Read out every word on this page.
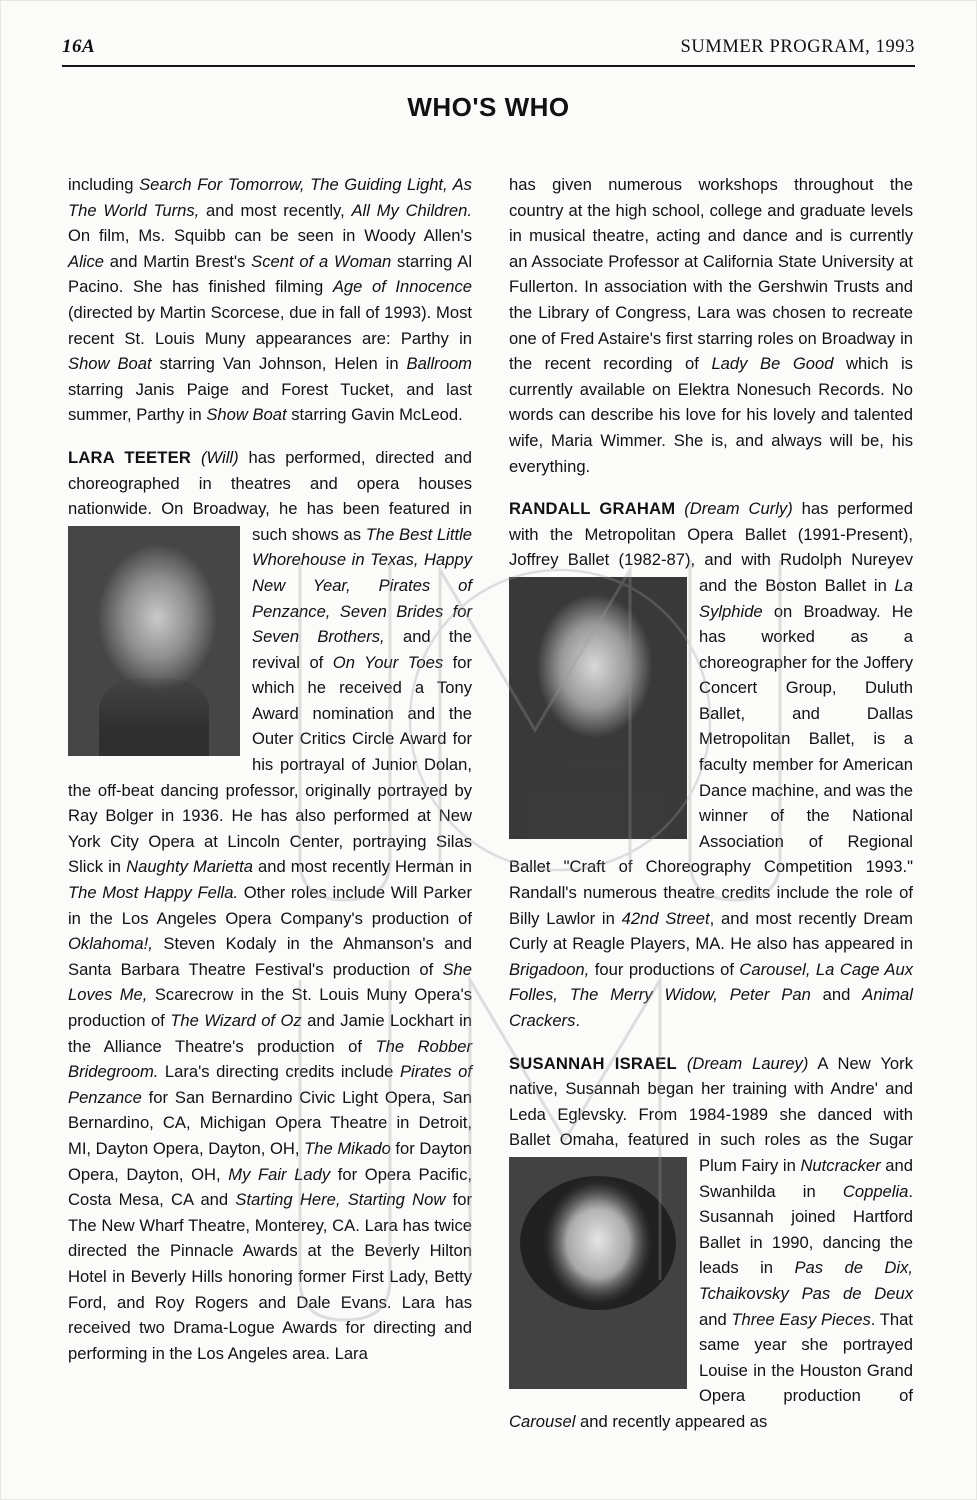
16A	SUMMER PROGRAM, 1993
WHO'S WHO

including Search For Tomorrow, The Guiding Light, As The World Turns, and most recently, All My Children. On film, Ms. Squibb can be seen in Woody Allen's Alice and Martin Brest's Scent of a Woman starring Al Pacino. She has finished filming Age of Innocence (directed by Martin Scorcese, due in fall of 1993). Most recent St. Louis Muny appearances are: Parthy in Show Boat starring Van Johnson, Helen in Ballroom starring Janis Paige and Forest Tucket, and last summer, Parthy in Show Boat starring Gavin McLeod.

LARA TEETER (Will) has performed, directed and choreographed in theatres and opera houses nationwide. On Broadway, he has been featured in such shows as
The Best Little Whorehouse in Texas, Happy New Year, Pirates of Penzance, Seven Brides for Seven Brothers, and the revival of On Your Toes for which he received a Tony Award nomination and the Outer Critics Circle Award for his portrayal of Junior Dolan, the off-beat dancing professor, originally portrayed by Ray Bolger in 1936. He has also performed at New York City Opera at Lincoln Center, portraying Silas Slick in Naughty Marietta and most recently Herman in The Most Happy Fella. Other roles include Will Parker in the Los Angeles Opera Company's production of Oklahoma!, Steven Kodaly in the Ahmanson's and Santa Barbara Theatre Festival's production of She Loves Me, Scarecrow in the St. Louis Muny Opera's production of The Wizard of Oz and Jamie Lockhart in the Alliance Theatre's production of The Robber Bridegroom. Lara's directing credits include Pirates of Penzance for San Bernardino Civic Light Opera, San Bernardino, CA, Michigan Opera Theatre in Detroit, MI, Dayton Opera, Dayton, OH, The Mikado for Dayton Opera, Dayton, OH, My Fair Lady for Opera Pacific, Costa Mesa, CA and Starting Here, Starting Now for The New Wharf Theatre, Monterey, CA. Lara has twice directed the Pinnacle Awards at the Beverly Hilton Hotel in Beverly Hills honoring former First Lady, Betty Ford, and Roy Rogers and Dale Evans. Lara has received two Drama-Logue Awards for directing and performing in the Los Angeles area. Lara

has given numerous workshops throughout the country at the high school, college and graduate levels in musical theatre, acting and dance and is currently an Associate Professor at California State University at Fullerton. In association with the Gershwin Trusts and the Library of Congress, Lara was chosen to recreate one of Fred Astaire's first starring roles on Broadway in the recent recording of Lady Be Good which is currently available on Elektra Nonesuch Records. No words can describe his love for his lovely and talented wife, Maria Wimmer. She is, and always will be, his everything.

RANDALL GRAHAM (Dream Curly) has performed with the Metropolitan Opera Ballet (1991-Present), Joffrey Ballet (1982-87), and with Rudolph Nureyev and the Boston Ballet in
La Sylphide on Broadway. He has worked as a choreographer for the Joffery Concert Group, Duluth Ballet, and Dallas Metropolitan Ballet, is a faculty member for American Dance machine, and was the winner of the National Association of Regional Ballet "Craft of Choreography Competition 1993." Randall's numerous theatre credits include the role of Billy Lawlor in 42nd Street, and most recently Dream Curly at Reagle Players, MA. He also has appeared in Brigadoon, four productions of Carousel, La Cage Aux Folles, The Merry Widow, Peter Pan and Animal Crackers.

SUSANNAH ISRAEL (Dream Laurey) A New York native, Susannah began her training with Andre' and Leda Eglevsky. From 1984-1989 she danced with Ballet Omaha, featured in such roles as the Sugar Plum Fairy in
Nutcracker and Swanhilda in Coppelia. Susannah joined Hartford Ballet in 1990, dancing the leads in Pas de Dix, Tchaikovsky Pas de Deux and Three Easy Pieces. That same year she portrayed Louise in the Houston Grand Opera production of Carousel and recently appeared as
